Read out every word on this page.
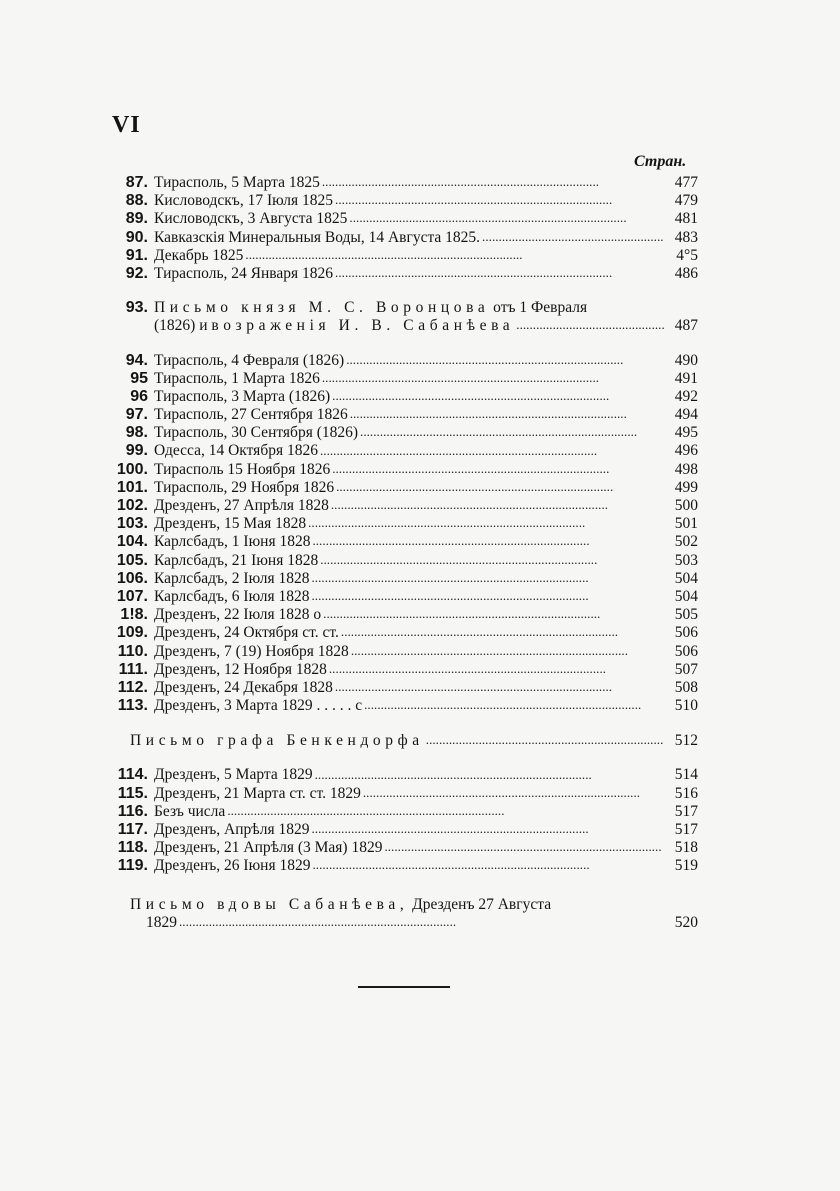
VI
Стран.
87. Тирасполь, 5 Марта 1825 . . .	477
88. Кисловодскъ, 17 Іюля 1825 . . .	479
89. Кисловодскъ, 3 Августа 1825 . . .	481
90. Кавказскія Минеральныя Воды, 14 Августа 1825. . . .	483
91. Декабрь 1825 . . .	4°5
92. Тирасполь, 24 Января 1826 . . .	486
93. Письмо князя М. С. Воронцова отъ 1 Февраля
(1826) и возраженія И. В. Сабанѣева . . .	487
94. Тирасполь, 4 Февраля (1826) . . .	490
95 Тирасполь, 1 Марта 1826 . . .	491
96 Тирасполь, 3 Марта (1826) . . .	492
97. Тирасполь, 27 Сентября 1826 . . .	494
98. Тирасполь, 30 Сентября (1826) . . .	495
99. Одесса, 14 Октября 1826 . . .	496
100. Тирасполь 15 Ноября 1826 . . .	498
101. Тирасполь, 29 Ноября 1826 . . .	499
102. Дрезденъ, 27 Апрѣля 1828 . . .	500
103. Дрезденъ, 15 Мая 1828 . . .	501
104. Карлсбадъ, 1 Іюня 1828 . . .	502
105. Карлсбадъ, 21 Іюня 1828 . . .	503
106. Карлсбадъ, 2 Іюля 1828 . . .	504
107. Карлсбадъ, 6 Іюля 1828 . . .	504
1!8. Дрезденъ, 22 Іюля 1828 о . . .	505
109. Дрезденъ, 24 Октября ст. ст. . . .	506
110. Дрезденъ, 7 (19) Ноября 1828 . . .	506
111. Дрезденъ, 12 Ноября 1828 . . .	507
112. Дрезденъ, 24 Декабря 1828 . . .	508
113. Дрезденъ, 3 Марта 1829 . . . . . с . . .	510
Письмо графа Бенкендорфа . . .	512
114. Дрезденъ, 5 Марта 1829 . . .	514
115. Дрезденъ, 21 Марта ст. ст. 1829 . . .	516
116. Безъ числа . . .	517
117. Дрезденъ, Апрѣля 1829 . . .	517
118. Дрезденъ, 21 Апрѣля (3 Мая) 1829 . . .	518
119. Дрезденъ, 26 Іюня 1829 . . .	519
Письмо вдовы Сабанѣева, Дрезденъ 27 Августа
1829 . . .	520
